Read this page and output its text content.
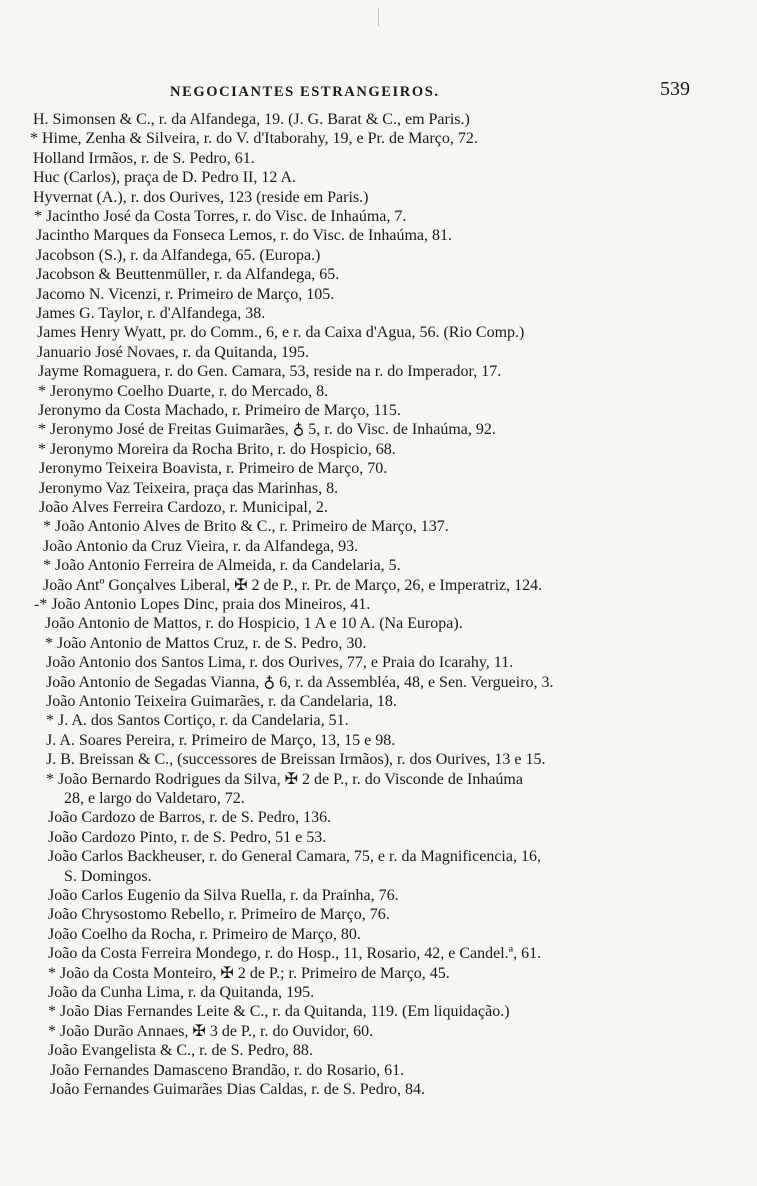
NEGOCIANTES ESTRANGEIROS.	539
H. Simonsen & C., r. da Alfandega, 19. (J. G. Barat & C., em Paris.)
* Hime, Zenha & Silveira, r. do V. d'Itaborahy, 19, e Pr. de Março, 72.
Holland Irmãos, r. de S. Pedro, 61.
Huc (Carlos), praça de D. Pedro II, 12 A.
Hyvernat (A.), r. dos Ourives, 123 (reside em Paris.)
* Jacintho José da Costa Torres, r. do Visc. de Inhaúma, 7.
Jacintho Marques da Fonseca Lemos, r. do Visc. de Inhaúma, 81.
Jacobson (S.), r. da Alfandega, 65. (Europa.)
Jacobson & Beuttenmüller, r. da Alfandega, 65.
Jacomo N. Vicenzi, r. Primeiro de Março, 105.
James G. Taylor, r. d'Alfandega, 38.
James Henry Wyatt, pr. do Comm., 6, e r. da Caixa d'Agua, 56. (Rio Comp.)
Januario José Novaes, r. da Quitanda, 195.
Jayme Romaguera, r. do Gen. Camara, 53, reside na r. do Imperador, 17.
* Jeronymo Coelho Duarte, r. do Mercado, 8.
Jeronymo da Costa Machado, r. Primeiro de Março, 115.
* Jeronymo José de Freitas Guimarães, ♁ 5, r. do Visc. de Inhaúma, 92.
* Jeronymo Moreira da Rocha Brito, r. do Hospicio, 68.
Jeronymo Teixeira Boavista, r. Primeiro de Março, 70.
Jeronymo Vaz Teixeira, praça das Marinhas, 8.
João Alves Ferreira Cardozo, r. Municipal, 2.
* João Antonio Alves de Brito & C., r. Primeiro de Março, 137.
João Antonio da Cruz Vieira, r. da Alfandega, 93.
* João Antonio Ferreira de Almeida, r. da Candelaria, 5.
João Antº Gonçalves Liberal, ✠ 2 de P., r. Pr. de Março, 26, e Imperatriz, 124.
-* João Antonio Lopes Dinc, praia dos Mineiros, 41.
João Antonio de Mattos, r. do Hospicio, 1 A e 10 A. (Na Europa).
* João Antonio de Mattos Cruz, r. de S. Pedro, 30.
João Antonio dos Santos Lima, r. dos Ourives, 77, e Praia do Icarahy, 11.
João Antonio de Segadas Vianna, ♁ 6, r. da Assembléa, 48, e Sen. Vergueiro, 3.
João Antonio Teixeira Guimarães, r. da Candelaria, 18.
* J. A. dos Santos Cortiço, r. da Candelaria, 51.
J. A. Soares Pereira, r. Primeiro de Março, 13, 15 e 98.
J. B. Breissan & C., (successores de Breissan Irmãos), r. dos Ourives, 13 e 15.
* João Bernardo Rodrigues da Silva, ✠ 2 de P., r. do Visconde de Inhaúma
28, e largo do Valdetaro, 72.
João Cardozo de Barros, r. de S. Pedro, 136.
João Cardozo Pinto, r. de S. Pedro, 51 e 53.
João Carlos Backheuser, r. do General Camara, 75, e r. da Magnificencia, 16,
S. Domingos.
João Carlos Eugenio da Silva Ruella, r. da Prainha, 76.
João Chrysostomo Rebello, r. Primeiro de Março, 76.
João Coelho da Rocha, r. Primeiro de Março, 80.
João da Costa Ferreira Mondego, r. do Hosp., 11, Rosario, 42, e Candel.ª, 61.
* João da Costa Monteiro, ✠ 2 de P.; r. Primeiro de Março, 45.
João da Cunha Lima, r. da Quitanda, 195.
* João Dias Fernandes Leite & C., r. da Quitanda, 119. (Em liquidação.)
* João Durão Annaes, ✠ 3 de P., r. do Ouvidor, 60.
João Evangelista & C., r. de S. Pedro, 88.
João Fernandes Damasceno Brandão, r. do Rosario, 61.
João Fernandes Guimarães Dias Caldas, r. de S. Pedro, 84.
